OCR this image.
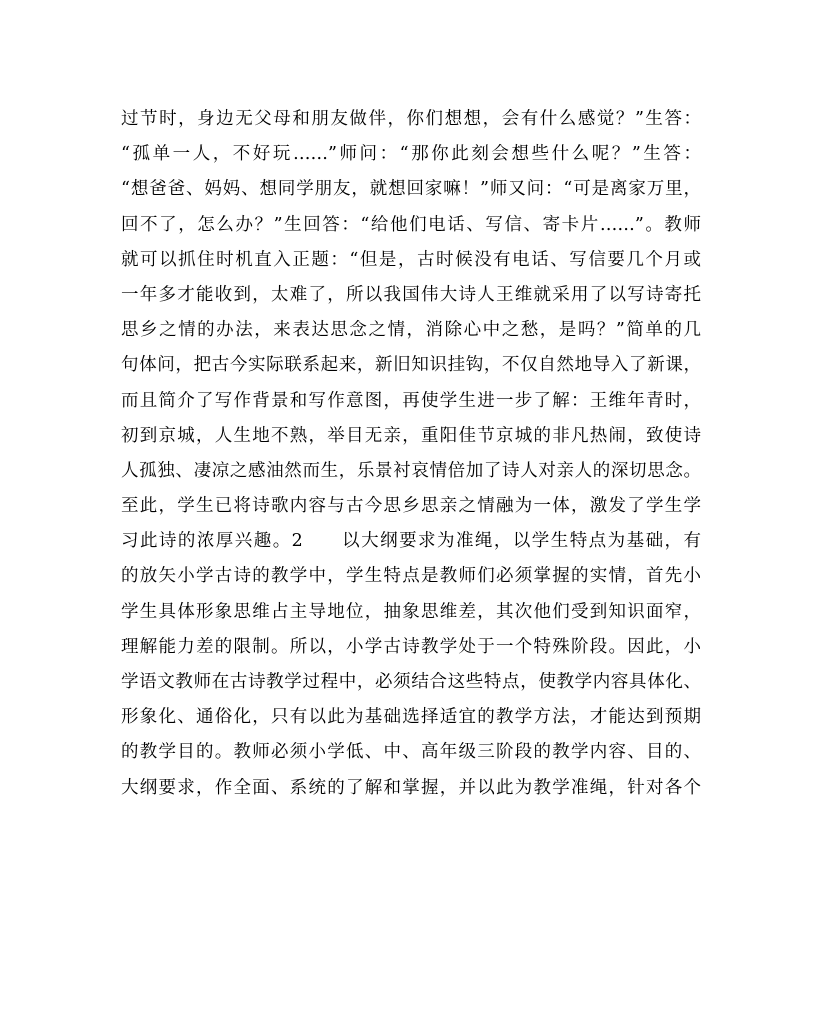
过节时，身边无父母和朋友做伴，你们想想，会有什么感觉？”生答：
“孤单一人，不好玩……”师问：“那你此刻会想些什么呢？”生答：
“想爸爸、妈妈、想同学朋友，就想回家嘛！”师又问：“可是离家万里，
回不了，怎么办？”生回答：“给他们电话、写信、寄卡片……”。教师
就可以抓住时机直入正题：“但是，古时候没有电话、写信要几个月或
一年多才能收到，太难了，所以我国伟大诗人王维就采用了以写诗寄托
思乡之情的办法，来表达思念之情，消除心中之愁，是吗？”简单的几
句体问，把古今实际联系起来，新旧知识挂钩，不仅自然地导入了新课，
而且简介了写作背景和写作意图，再使学生进一步了解：王维年青时，
初到京城，人生地不熟，举目无亲，重阳佳节京城的非凡热闹，致使诗
人孤独、凄凉之感油然而生，乐景衬哀情倍加了诗人对亲人的深切思念。
至此，学生已将诗歌内容与古今思乡思亲之情融为一体，激发了学生学
习此诗的浓厚兴趣。2　　以大纲要求为准绳，以学生特点为基础，有
的放矢小学古诗的教学中，学生特点是教师们必须掌握的实情，首先小
学生具体形象思维占主导地位，抽象思维差，其次他们受到知识面窄，
理解能力差的限制。所以，小学古诗教学处于一个特殊阶段。因此，小
学语文教师在古诗教学过程中，必须结合这些特点，使教学内容具体化、
形象化、通俗化，只有以此为基础选择适宜的教学方法，才能达到预期
的教学目的。教师必须小学低、中、高年级三阶段的教学内容、目的、
大纲要求，作全面、系统的了解和掌握，并以此为教学准绳，针对各个
